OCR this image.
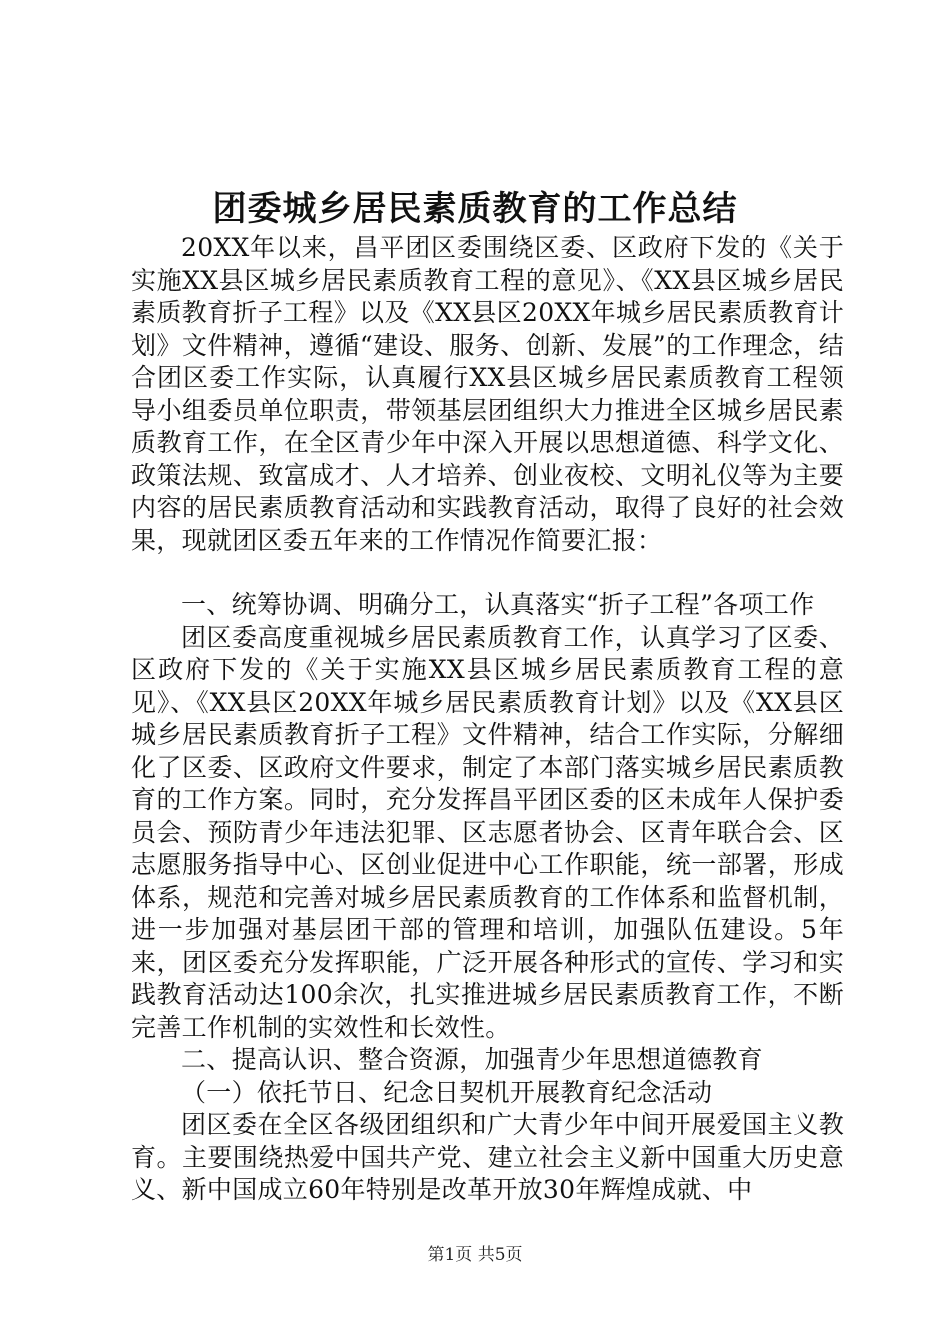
团委城乡居民素质教育的工作总结

20XX年以来，昌平团区委围绕区委、区政府下发的《关于实施XX县区城乡居民素质教育工程的意见》、《XX县区城乡居民素质教育折子工程》以及《XX县区20XX年城乡居民素质教育计划》文件精神，遵循“建设、服务、创新、发展”的工作理念，结合团区委工作实际，认真履行XX县区城乡居民素质教育工程领导小组委员单位职责，带领基层团组织大力推进全区城乡居民素质教育工作，在全区青少年中深入开展以思想道德、科学文化、政策法规、致富成才、人才培养、创业夜校、文明礼仪等为主要内容的居民素质教育活动和实践教育活动，取得了良好的社会效果，现就团区委五年来的工作情况作简要汇报：

一、统筹协调、明确分工，认真落实“折子工程”各项工作

团区委高度重视城乡居民素质教育工作，认真学习了区委、区政府下发的《关于实施XX县区城乡居民素质教育工程的意见》、《XX县区20XX年城乡居民素质教育计划》以及《XX县区城乡居民素质教育折子工程》文件精神，结合工作实际，分解细化了区委、区政府文件要求，制定了本部门落实城乡居民素质教育的工作方案。同时，充分发挥昌平团区委的区未成年人保护委员会、预防青少年违法犯罪、区志愿者协会、区青年联合会、区志愿服务指导中心、区创业促进中心工作职能，统一部署，形成体系，规范和完善对城乡居民素质教育的工作体系和监督机制，进一步加强对基层团干部的管理和培训，加强队伍建设。5年来，团区委充分发挥职能，广泛开展各种形式的宣传、学习和实践教育活动达100余次，扎实推进城乡居民素质教育工作，不断完善工作机制的实效性和长效性。

二、提高认识、整合资源，加强青少年思想道德教育

（一）依托节日、纪念日契机开展教育纪念活动

团区委在全区各级团组织和广大青少年中间开展爱国主义教育。主要围绕热爱中国共产党、建立社会主义新中国重大历史意义、新中国成立60年特别是改革开放30年辉煌成就、中

第1页 共5页
